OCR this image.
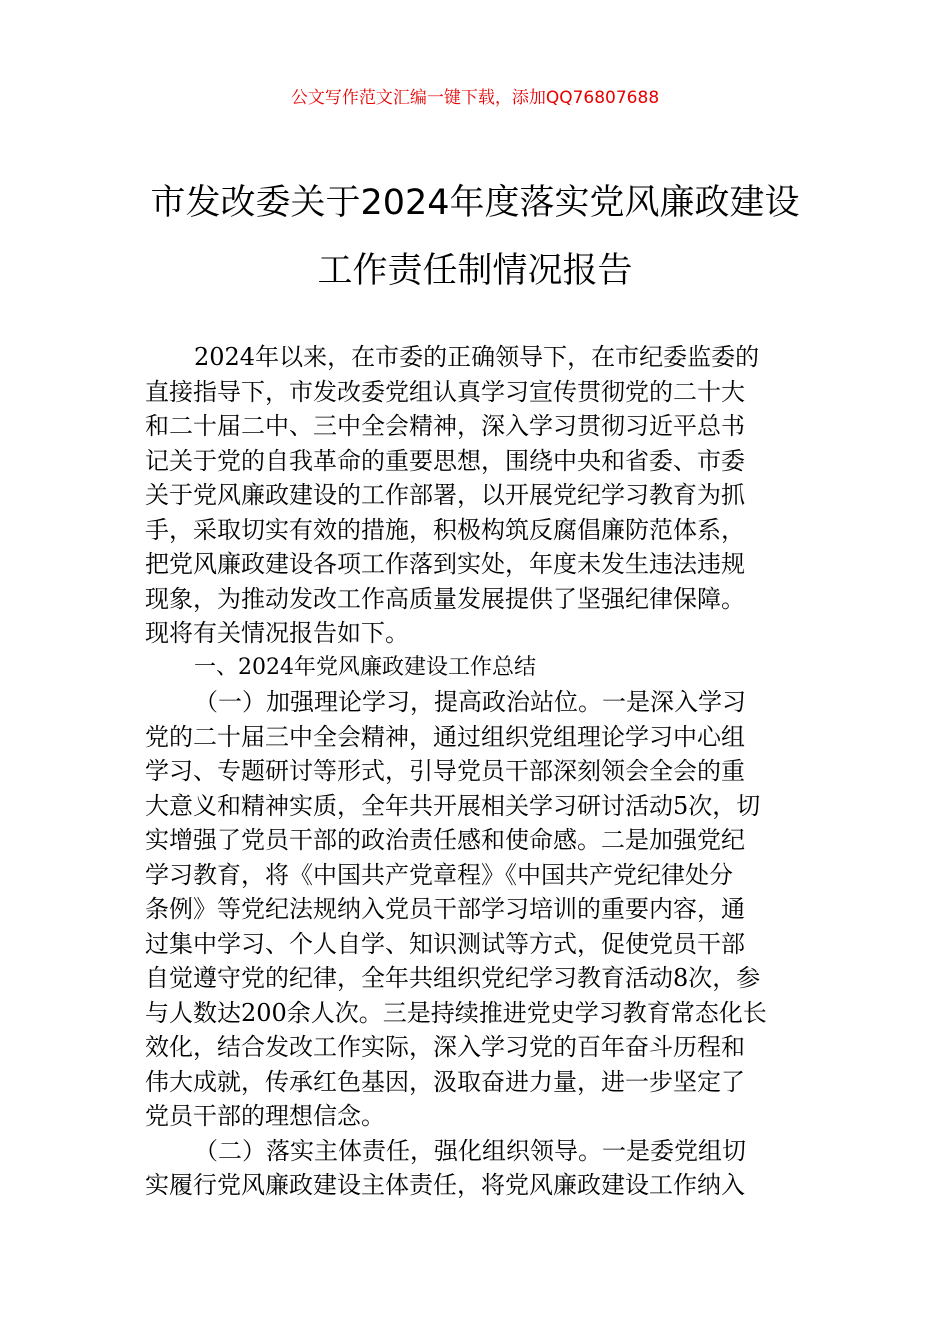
公文写作范文汇编一键下载，添加QQ76807688
市发改委关于2024年度落实党风廉政建设
工作责任制情况报告
2024年以来，在市委的正确领导下，在市纪委监委的
直接指导下，市发改委党组认真学习宣传贯彻党的二十大
和二十届二中、三中全会精神，深入学习贯彻习近平总书
记关于党的自我革命的重要思想，围绕中央和省委、市委
关于党风廉政建设的工作部署，以开展党纪学习教育为抓
手，采取切实有效的措施，积极构筑反腐倡廉防范体系，
把党风廉政建设各项工作落到实处，年度未发生违法违规
现象，为推动发改工作高质量发展提供了坚强纪律保障。
现将有关情况报告如下。
一、2024年党风廉政建设工作总结
（一）加强理论学习，提高政治站位。一是深入学习
党的二十届三中全会精神，通过组织党组理论学习中心组
学习、专题研讨等形式，引导党员干部深刻领会全会的重
大意义和精神实质，全年共开展相关学习研讨活动5次，切
实增强了党员干部的政治责任感和使命感。二是加强党纪
学习教育，将《中国共产党章程》《中国共产党纪律处分
条例》等党纪法规纳入党员干部学习培训的重要内容，通
过集中学习、个人自学、知识测试等方式，促使党员干部
自觉遵守党的纪律，全年共组织党纪学习教育活动8次，参
与人数达200余人次。三是持续推进党史学习教育常态化长
效化，结合发改工作实际，深入学习党的百年奋斗历程和
伟大成就，传承红色基因，汲取奋进力量，进一步坚定了
党员干部的理想信念。
（二）落实主体责任，强化组织领导。一是委党组切
实履行党风廉政建设主体责任，将党风廉政建设工作纳入
